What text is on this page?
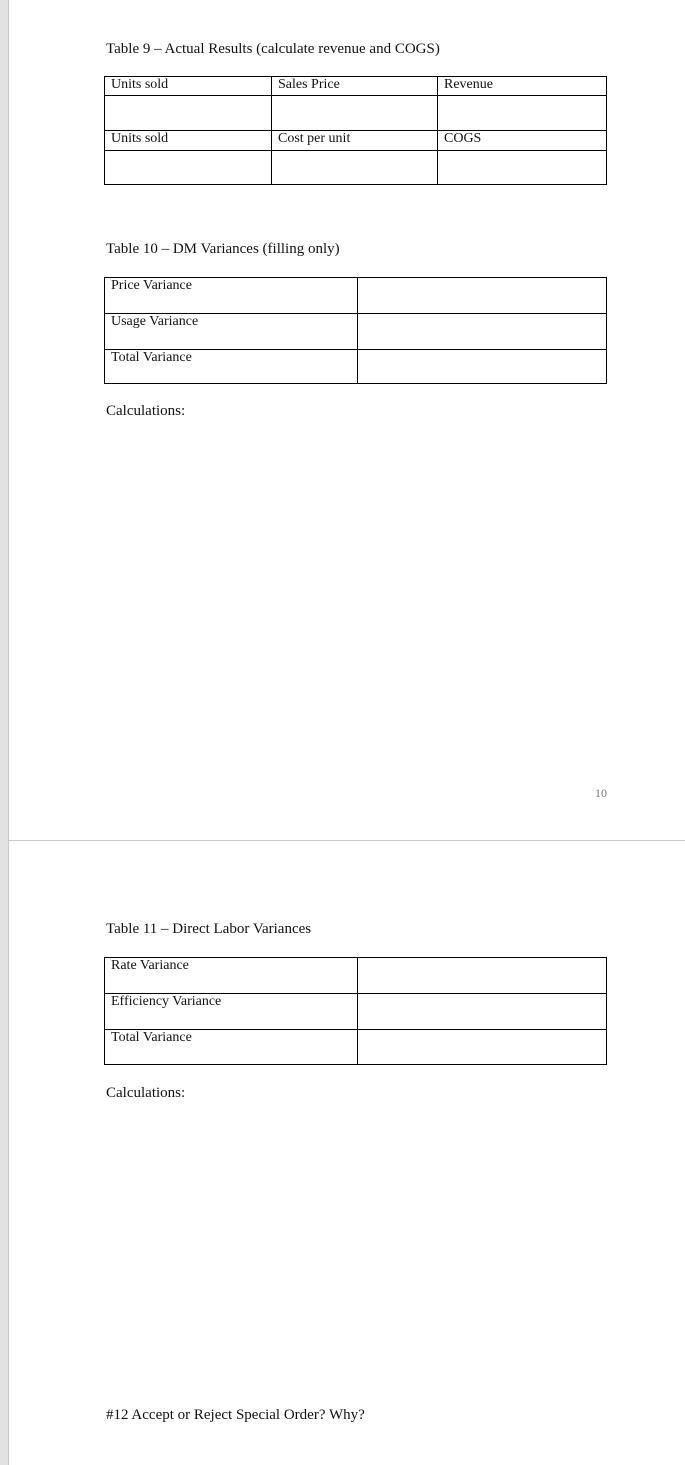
Table 9 – Actual Results (calculate revenue and COGS)
Units sold	Sales Price	Revenue

Units sold	Cost per unit	COGS

Table 10 – DM Variances (filling only)
Price Variance	
Usage Variance	
Total Variance	
Calculations:
10
Table 11 – Direct Labor Variances
Rate Variance	
Efficiency Variance	
Total Variance	
Calculations:
#12 Accept or Reject Special Order? Why?
